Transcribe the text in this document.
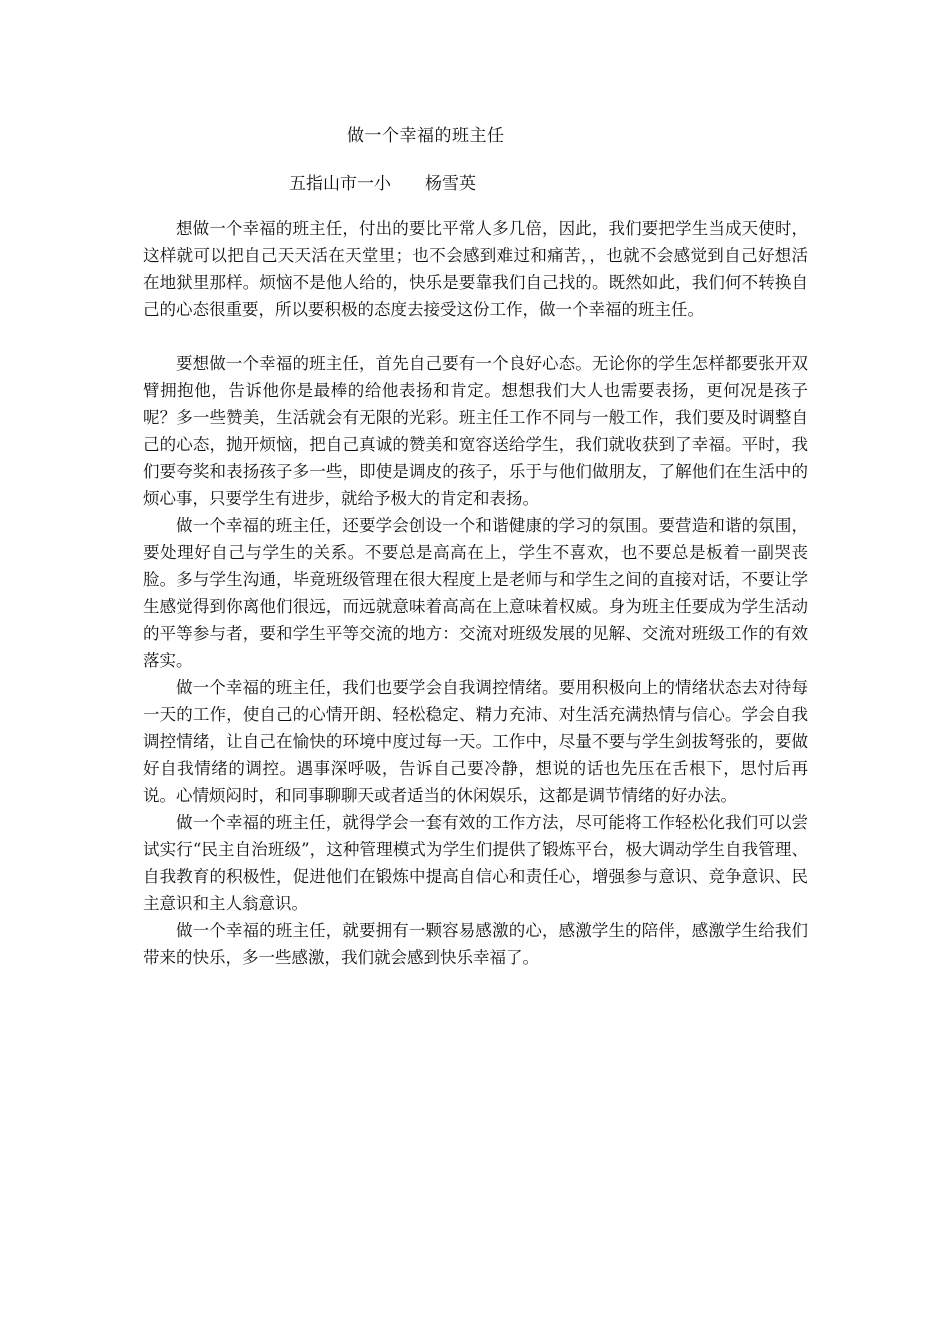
做一个幸福的班主任
五指山市一小 杨雪英

想做一个幸福的班主任，付出的要比平常人多几倍，因此，我们要把学生当成天使时，这样就可以把自己天天活在天堂里；也不会感到难过和痛苦，，也就不会感觉到自己好想活在地狱里那样。烦恼不是他人给的，快乐是要靠我们自己找的。既然如此，我们何不转换自己的心态很重要，所以要积极的态度去接受这份工作，做一个幸福的班主任。

要想做一个幸福的班主任，首先自己要有一个良好心态。无论你的学生怎样都要张开双臂拥抱他，告诉他你是最棒的给他表扬和肯定。想想我们大人也需要表扬，更何况是孩子呢？多一些赞美，生活就会有无限的光彩。班主任工作不同与一般工作，我们要及时调整自己的心态，抛开烦恼，把自己真诚的赞美和宽容送给学生，我们就收获到了幸福。平时，我们要夸奖和表扬孩子多一些，即使是调皮的孩子，乐于与他们做朋友，了解他们在生活中的烦心事，只要学生有进步，就给予极大的肯定和表扬。

做一个幸福的班主任，还要学会创设一个和谐健康的学习的氛围。要营造和谐的氛围，要处理好自己与学生的关系。不要总是高高在上，学生不喜欢，也不要总是板着一副哭丧脸。多与学生沟通，毕竟班级管理在很大程度上是老师与和学生之间的直接对话，不要让学生感觉得到你离他们很远，而远就意味着高高在上意味着权威。身为班主任要成为学生活动的平等参与者，要和学生平等交流的地方：交流对班级发展的见解、交流对班级工作的有效落实。

做一个幸福的班主任，我们也要学会自我调控情绪。要用积极向上的情绪状态去对待每一天的工作，使自己的心情开朗、轻松稳定、精力充沛、对生活充满热情与信心。学会自我调控情绪，让自己在愉快的环境中度过每一天。工作中，尽量不要与学生剑拔弩张的，要做好自我情绪的调控。遇事深呼吸，告诉自己要冷静，想说的话也先压在舌根下，思忖后再说。心情烦闷时，和同事聊聊天或者适当的休闲娱乐，这都是调节情绪的好办法。

做一个幸福的班主任，就得学会一套有效的工作方法，尽可能将工作轻松化我们可以尝试实行“民主自治班级”，这种管理模式为学生们提供了锻炼平台，极大调动学生自我管理、自我教育的积极性，促进他们在锻炼中提高自信心和责任心，增强参与意识、竞争意识、民主意识和主人翁意识。

做一个幸福的班主任，就要拥有一颗容易感激的心，感激学生的陪伴，感激学生给我们带来的快乐，多一些感激，我们就会感到快乐幸福了。
